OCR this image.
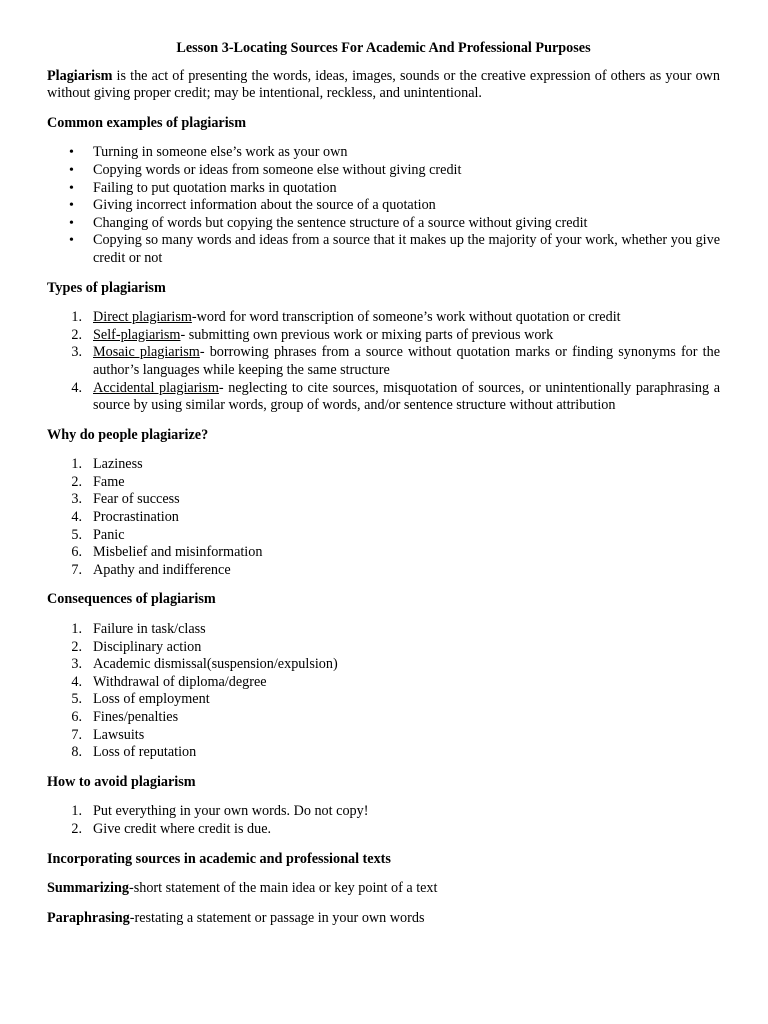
Lesson 3-Locating Sources For Academic And Professional Purposes

Plagiarism is the act of presenting the words, ideas, images, sounds or the creative expression of others as your own without giving proper credit; may be intentional, reckless, and unintentional.

Common examples of plagiarism
• Turning in someone else’s work as your own
• Copying words or ideas from someone else without giving credit
• Failing to put quotation marks in quotation
• Giving incorrect information about the source of a quotation
• Changing of words but copying the sentence structure of a source without giving credit
• Copying so many words and ideas from a source that it makes up the majority of your work, whether you give credit or not
Types of plagiarism
1. Direct plagiarism-word for word transcription of someone’s work without quotation or credit
2. Self-plagiarism- submitting own previous work or mixing parts of previous work
3. Mosaic plagiarism- borrowing phrases from a source without quotation marks or finding synonyms for the author’s languages while keeping the same structure
4. Accidental plagiarism- neglecting to cite sources, misquotation of sources, or unintentionally paraphrasing a source by using similar words, group of words, and/or sentence structure without attribution
Why do people plagiarize?
1. Laziness
2. Fame
3. Fear of success
4. Procrastination
5. Panic
6. Misbelief and misinformation
7. Apathy and indifference
Consequences of plagiarism
1. Failure in task/class
2. Disciplinary action
3. Academic dismissal(suspension/expulsion)
4. Withdrawal of diploma/degree
5. Loss of employment
6. Fines/penalties
7. Lawsuits
8. Loss of reputation
How to avoid plagiarism
1. Put everything in your own words. Do not copy!
2. Give credit where credit is due.
Incorporating sources in academic and professional texts

Summarizing-short statement of the main idea or key point of a text

Paraphrasing-restating a statement or passage in your own words
